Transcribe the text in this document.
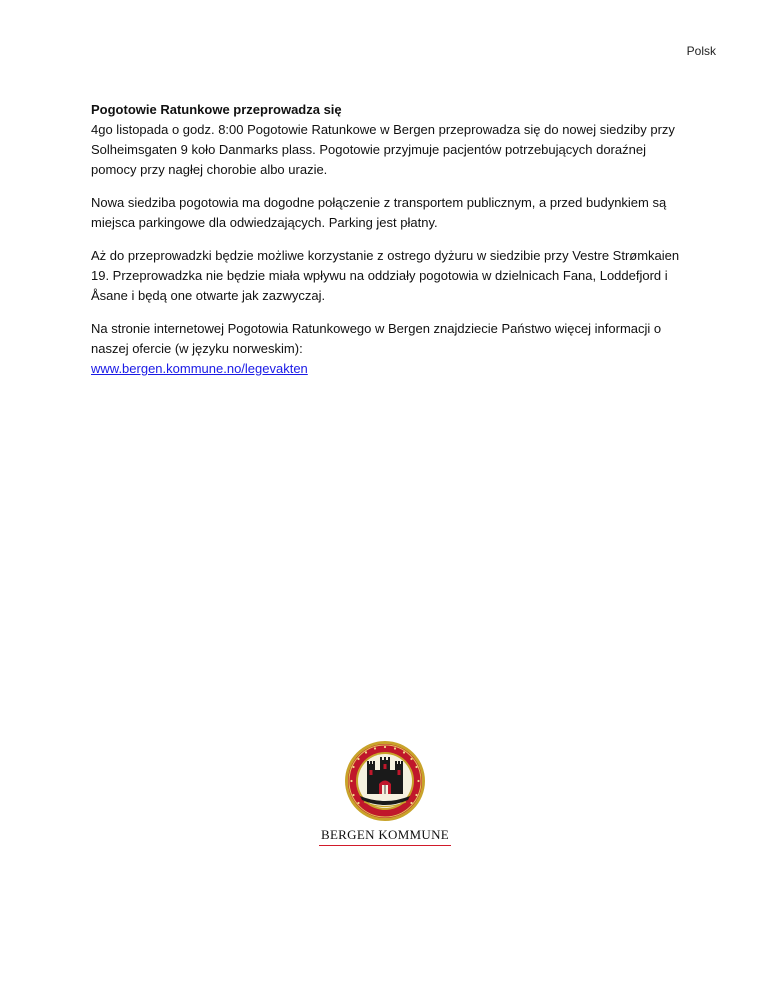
Polsk

Pogotowie Ratunkowe przeprowadza się
4go listopada o godz. 8:00 Pogotowie Ratunkowe w Bergen przeprowadza się do nowej siedziby przy Solheimsgaten 9 koło Danmarks plass. Pogotowie przyjmuje pacjentów potrzebujących doraźnej pomocy przy nagłej chorobie albo urazie.

Nowa siedziba pogotowia ma dogodne połączenie z transportem publicznym, a przed budynkiem są miejsca parkingowe dla odwiedzających. Parking jest płatny.

Aż do przeprowadzki będzie możliwe korzystanie z ostrego dyżuru w siedzibie przy Vestre Strømkaien 19. Przeprowadzka nie będzie miała wpływu na oddziały pogotowia w dzielnicach Fana, Loddefjord i Åsane i będą one otwarte jak zazwyczaj.

Na stronie internetowej Pogotowia Ratunkowego w Bergen znajdziecie Państwo więcej informacji o naszej ofercie (w języku norweskim):
www.bergen.kommune.no/legevakten

BERGEN KOMMUNE
